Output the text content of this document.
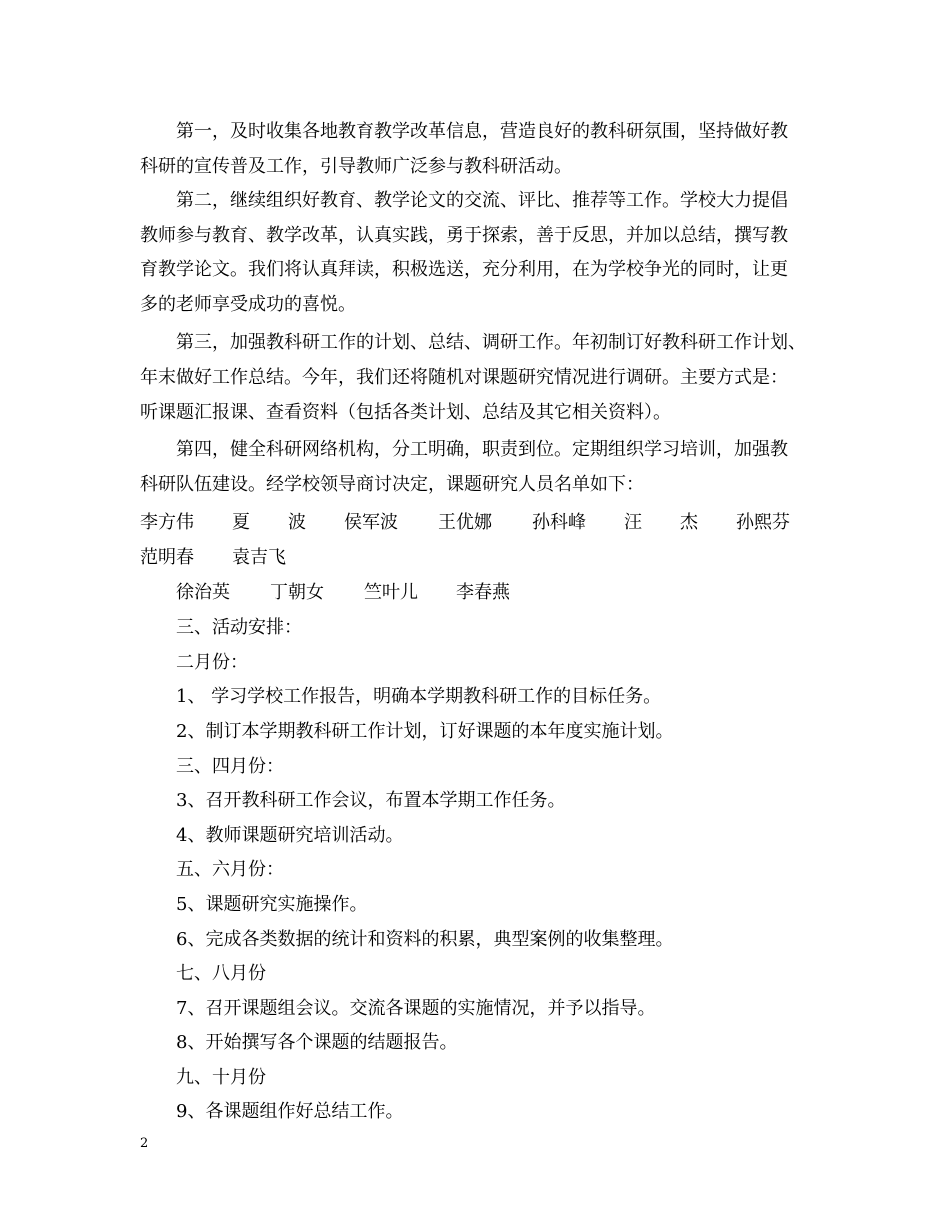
第一，及时收集各地教育教学改革信息，营造良好的教科研氛围，坚持做好教
科研的宣传普及工作，引导教师广泛参与教科研活动。
第二，继续组织好教育、教学论文的交流、评比、推荐等工作。学校大力提倡
教师参与教育、教学改革，认真实践，勇于探索，善于反思，并加以总结，撰写教
育教学论文。我们将认真拜读，积极选送，充分利用，在为学校争光的同时，让更
多的老师享受成功的喜悦。
第三，加强教科研工作的计划、总结、调研工作。年初制订好教科研工作计划、
年末做好工作总结。今年，我们还将随机对课题研究情况进行调研。主要方式是：
听课题汇报课、查看资料（包括各类计划、总结及其它相关资料）。
第四，健全科研网络机构，分工明确，职责到位。定期组织学习培训，加强教
科研队伍建设。经学校领导商讨决定，课题研究人员名单如下：
李方伟 夏 波 侯军波 王优娜 孙科峰 汪 杰 孙熙芬
范明春 袁吉飞
徐治英 丁朝女 竺叶儿 李春燕
三、活动安排：
二月份：
1、 学习学校工作报告，明确本学期教科研工作的目标任务。
2、制订本学期教科研工作计划，订好课题的本年度实施计划。
三、四月份：
3、召开教科研工作会议，布置本学期工作任务。
4、教师课题研究培训活动。
五、六月份：
5、课题研究实施操作。
6、完成各类数据的统计和资料的积累，典型案例的收集整理。
七、八月份
7、召开课题组会议。交流各课题的实施情况，并予以指导。
8、开始撰写各个课题的结题报告。
九、十月份
9、各课题组作好总结工作。
2
